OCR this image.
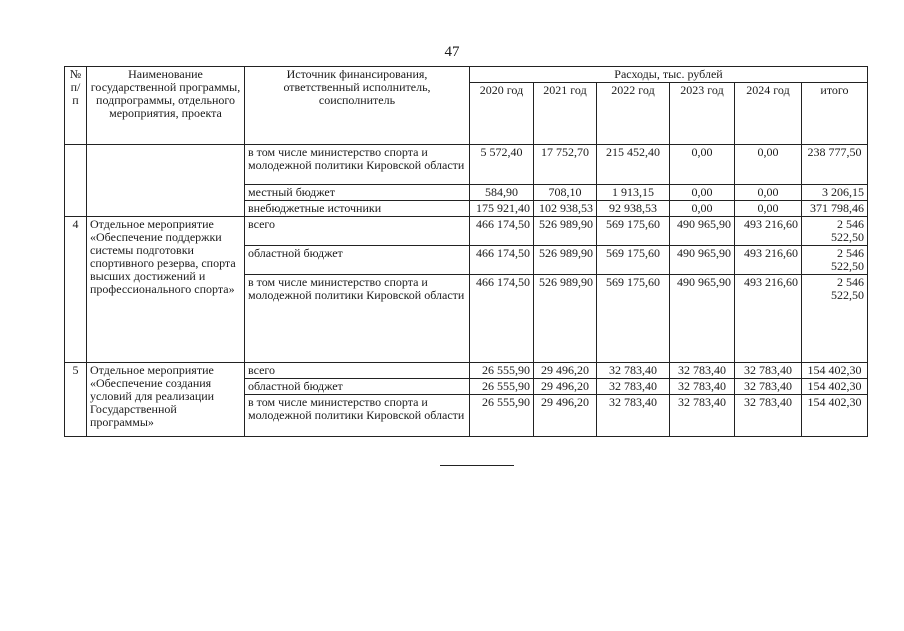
47
№ п/п	Наименование государственной программы, подпрограммы, отдельного мероприятия, проекта	Источник финансирования, ответственный исполнитель, соисполнитель	Расходы, тыс. рублей					
			2020 год	2021 год	2022 год	2023 год	2024 год	итого
		в том числе министерство спорта и молодежной политики Кировской области	5 572,40	17 752,70	215 452,40	0,00	0,00	238 777,50
		местный бюджет	584,90	708,10	1 913,15	0,00	0,00	3 206,15
		внебюджетные источники	175 921,40	102 938,53	92 938,53	0,00	0,00	371 798,46
4	Отдельное мероприятие «Обеспечение поддержки системы подготовки спортивного резерва, спорта высших достижений и профессионального спорта»	всего	466 174,50	526 989,90	569 175,60	490 965,90	493 216,60	2 546 522,50
		областной бюджет	466 174,50	526 989,90	569 175,60	490 965,90	493 216,60	2 546 522,50
		в том числе министерство спорта и молодежной политики Кировской области	466 174,50	526 989,90	569 175,60	490 965,90	493 216,60	2 546 522,50
5	Отдельное мероприятие «Обеспечение создания условий для реализации Государственной программы»	всего	26 555,90	29 496,20	32 783,40	32 783,40	32 783,40	154 402,30
		областной бюджет	26 555,90	29 496,20	32 783,40	32 783,40	32 783,40	154 402,30
		в том числе министерство спорта и молодежной политики Кировской области	26 555,90	29 496,20	32 783,40	32 783,40	32 783,40	154 402,30
